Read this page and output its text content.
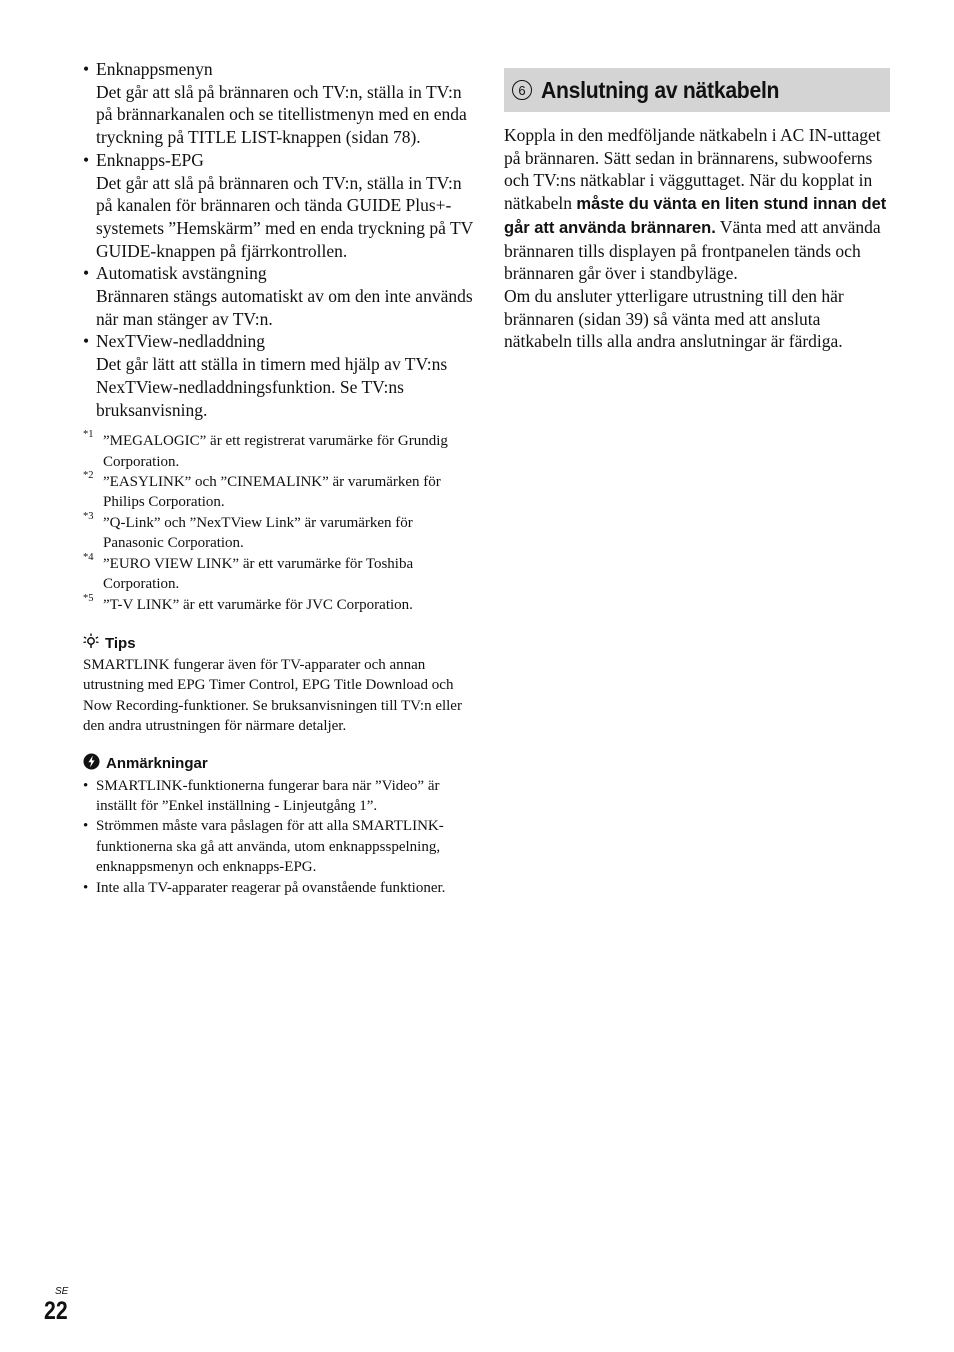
• Enknappsmenyn
Det går att slå på brännaren och TV:n, ställa in TV:n på brännarkanalen och se titellistmenyn med en enda tryckning på TITLE LIST-knappen (sidan 78).
• Enknapps-EPG
Det går att slå på brännaren och TV:n, ställa in TV:n på kanalen för brännaren och tända GUIDE Plus+-systemets ”Hemskärm” med en enda tryckning på TV GUIDE-knappen på fjärrkontrollen.
• Automatisk avstängning
Brännaren stängs automatiskt av om den inte används när man stänger av TV:n.
• NexTView-nedladdning
Det går lätt att ställa in timern med hjälp av TV:ns NexTView-nedladdningsfunktion. Se TV:ns bruksanvisning.
*1 ”MEGALOGIC” är ett registrerat varumärke för Grundig Corporation.
*2 ”EASYLINK” och ”CINEMALINK” är varumärken för Philips Corporation.
*3 ”Q-Link” och ”NexTView Link” är varumärken för Panasonic Corporation.
*4 ”EURO VIEW LINK” är ett varumärke för Toshiba Corporation.
*5 ”T-V LINK” är ett varumärke för JVC Corporation.
Tips

SMARTLINK fungerar även för TV-apparater och annan utrustning med EPG Timer Control, EPG Title Download och Now Recording-funktioner. Se bruksanvisningen till TV:n eller den andra utrustningen för närmare detaljer.

Anmärkningar
• SMARTLINK-funktionerna fungerar bara när ”Video” är inställt för ”Enkel inställning - Linjeutgång 1”.
• Strömmen måste vara påslagen för att alla SMARTLINK-funktionerna ska gå att använda, utom enknappsspelning, enknappsmenyn och enknapps-EPG.
• Inte alla TV-apparater reagerar på ovanstående funktioner.
6 Anslutning av nätkabeln

Koppla in den medföljande nätkabeln i AC IN-uttaget på brännaren. Sätt sedan in brännarens, subwooferns och TV:ns nätkablar i vägguttaget. När du kopplat in nätkabeln måste du vänta en liten stund innan det går att använda brännaren. Vänta med att använda brännaren tills displayen på frontpanelen tänds och brännaren går över i standbyläge.

Om du ansluter ytterligare utrustning till den här brännaren (sidan 39) så vänta med att ansluta nätkabeln tills alla andra anslutningar är färdiga.

SE
22
